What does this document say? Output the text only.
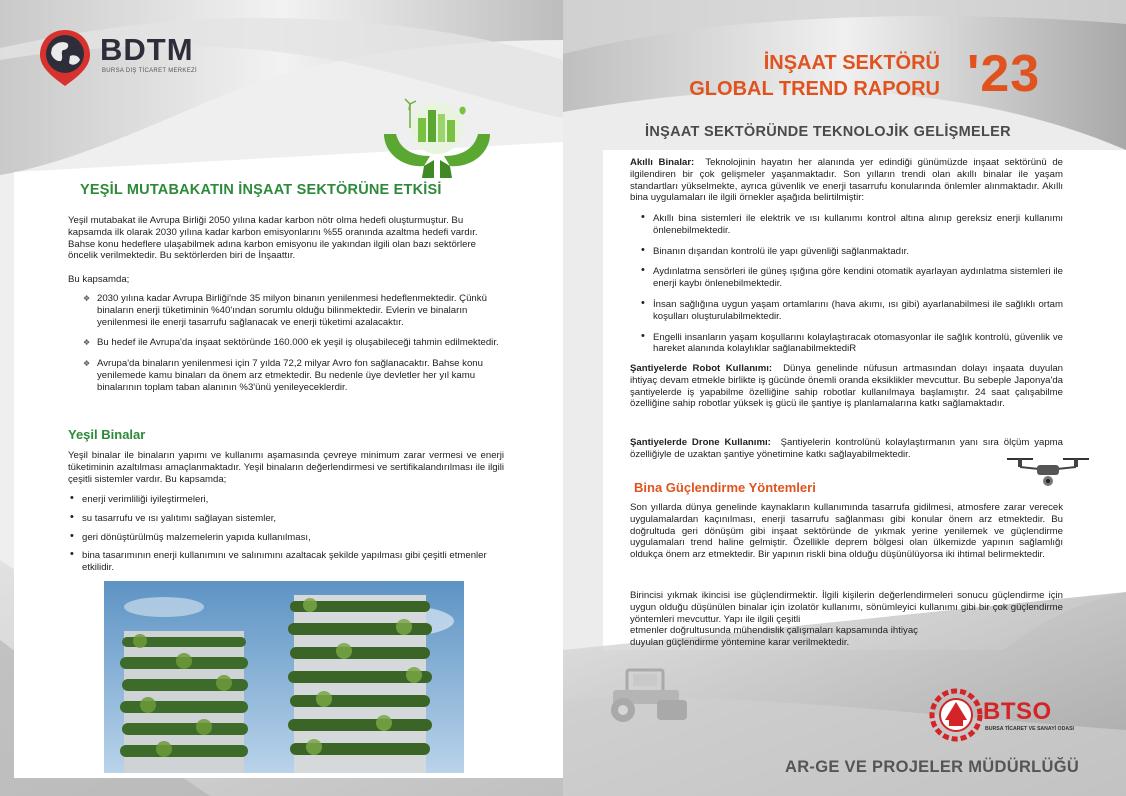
BDTM
BURSA DIŞ TİCARET MERKEZİ
YEŞİL MUTABAKATIN İNŞAAT SEKTÖRÜNE ETKİSİ

Yeşil mutabakat ile Avrupa Birliği 2050 yılına kadar karbon nötr olma hedefi oluşturmuştur. Bu kapsamda ilk olarak 2030 yılına kadar karbon emisyonlarını %55 oranında azaltma hedefi vardır. Bahse konu hedeflere ulaşabilmek adına karbon emisyonu ile yakından ilgili olan bazı sektörlere öncelik verilmektedir. Bu sektörlerden biri de İnşaattır.

Bu kapsamda;

❖ 2030 yılına kadar Avrupa Birliği'nde 35 milyon binanın yenilenmesi hedeflenmektedir. Çünkü binaların enerji tüketiminin %40'ından sorumlu olduğu bilinmektedir. Evlerin ve binaların yenilenmesi ile enerji tasarrufu sağlanacak ve enerji tüketimi azalacaktır.
❖ Bu hedef ile Avrupa'da inşaat sektöründe 160.000 ek yeşil iş oluşabileceği tahmin edilmektedir.
❖ Avrupa'da binaların yenilenmesi için 7 yılda 72,2 milyar Avro fon sağlanacaktır. Bahse konu yenilemede kamu binaları da önem arz etmektedir. Bu nedenle üye devletler her yıl kamu binalarının toplam taban alanının %3'ünü yenileyeceklerdir.
Yeşil Binalar

Yeşil binalar ile binaların yapımı ve kullanımı aşamasında çevreye minimum zarar vermesi ve enerji tüketiminin azaltılması amaçlanmaktadır. Yeşil binaların değerlendirmesi ve sertifikalandırılması ile ilgili çeşitli sistemler vardır. Bu kapsamda;

• enerji verimliliği iyileştirmeleri,
• su tasarrufu ve ısı yalıtımı sağlayan sistemler,
• geri dönüştürülmüş malzemelerin yapıda kullanılması,
• bina tasarımının enerji kullanımını ve salınımını azaltacak şekilde yapılması gibi çeşitli etmenler etkilidir.
İNŞAAT SEKTÖRÜ
GLOBAL TREND RAPORU '23
İNŞAAT SEKTÖRÜNDE TEKNOLOJİK GELİŞMELER

Akıllı Binalar: Teknolojinin hayatın her alanında yer edindiği günümüzde inşaat sektörünü de ilgilendiren bir çok gelişmeler yaşanmaktadır. Son yılların trendi olan akıllı binalar ile yaşam standartları yükselmekte, ayrıca güvenlik ve enerji tasarrufu konularında önlemler alınmaktadır. Akıllı bina uygulamaları ile ilgili örnekler aşağıda belirtilmiştir:

• Akıllı bina sistemleri ile elektrik ve ısı kullanımı kontrol altına alınıp gereksiz enerji kullanımı önlenebilmektedir.
• Binanın dışarıdan kontrolü ile yapı güvenliği sağlanmaktadır.
• Aydınlatma sensörleri ile güneş ışığına göre kendini otomatik ayarlayan aydınlatma sistemleri ile enerji kaybı önlenebilmektedir.
• İnsan sağlığına uygun yaşam ortamlarını (hava akımı, ısı gibi) ayarlanabilmesi ile sağlıklı ortam koşulları oluşturulabilmektedir.
• Engelli insanların yaşam koşullarını kolaylaştıracak otomasyonlar ile sağlık kontrolü, güvenlik ve hareket alanında kolaylıklar sağlanabilmektediR

Şantiyelerde Robot Kullanımı: Dünya genelinde nüfusun artmasından dolayı inşaata duyulan ihtiyaç devam etmekle birlikte iş gücünde önemli oranda eksiklikler mevcuttur. Bu sebeple Japonya'da şantiyelerde iş yapabilme özelliğine sahip robotlar kullanılmaya başlamıştır. 24 saat çalışabilme özelliğine sahip robotlar yüksek iş gücü ile şantiye iş planlamalarına katkı sağlamaktadır.

Şantiyelerde Drone Kullanımı: Şantiyelerin kontrolünü kolaylaştırmanın yanı sıra ölçüm yapma özelliğiyle de uzaktan şantiye yönetimine katkı sağlayabilmektedir.

Bina Güçlendirme Yöntemleri

Son yıllarda dünya genelinde kaynakların kullanımında tasarrufa gidilmesi, atmosfere zarar verecek uygulamalardan kaçınılması, enerji tasarrufu sağlanması gibi konular önem arz etmektedir. Bu doğrultuda geri dönüşüm gibi inşaat sektöründe de yıkmak yerine yenilemek ve güçlendirme uygulamaları trend haline gelmiştir. Özellikle deprem bölgesi olan ülkemizde yapının sağlamlığı oldukça önem arz etmektedir. Bir yapının riskli bina olduğu düşünülüyorsa iki ihtimal belirmektedir.

Birincisi yıkmak ikincisi ise güçlendirmektir. İlgili kişilerin değerlendirmeleri sonucu güçlendirme için uygun olduğu düşünülen binalar için izolatör kullanımı, sönümleyici kullanımı gibi bir çok güçlendirme yöntemleri mevcuttur. Yapı ile ilgili çeşitli

etmenler doğrultusunda mühendislik çalışmaları kapsamında ihtiyaç

duyulan güçlendirme yöntemine karar verilmektedir.

BTSO
BURSA TİCARET VE SANAYİ ODASI
AR-GE VE PROJELER MÜDÜRLÜĞÜ
